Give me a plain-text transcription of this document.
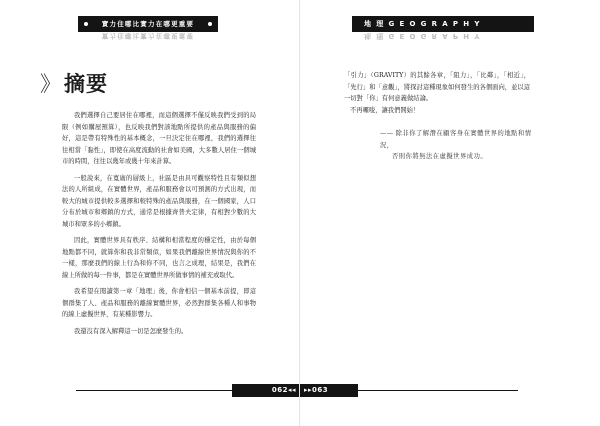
實力住哪比實力在哪更重要
實力住哪比實力在哪更重要
》摘要

我們選擇自己要居住在哪裡，而這個選擇不僅反映我們受到的局限（例如購屋預算），也反映我們對該地點所提供的產品與服務的偏好，這是帶有特殊性的基本概念，一旦決定住在哪裡，我們的選擇往往相當「黏性」，即使在高度流動的社會如美國，大多數人居住一個城市的時間，往往以幾年或幾十年來計算。

一般說來，在寬廣的層級上，社區是由具可觀察特性且有類似想法的人所組成，在實體世界，產品和服務會以可預測的方式出現，而較大的城市提供較多選擇和較特殊的產品與服務，在一個國家，人口分布於城市和鄉鎮的方式，通常是根據齊普夫定律，有相對少數的大城市和眾多的小鄉鎮。

因此，實體世界具有秩序、結構和相當程度的穩定性，由於每個地點都不同，就算你和我非常類似，如果我們離線世界情況與你的不一樣，那麼我們的線上行為和你不同，也言之成理，結果是，我們在線上所做的每一件事，都是在實體世界所做事情的補充或取代。

我希望在閱讀第一章「地理」後，你會相信一個基本前提，即這個群集了人、產品和服務的離線實體世界，必然對群集各種人和事物的線上虛擬世界，有某種影響力。

我還沒有深入解釋這一切是怎麼發生的。

062◂◂
地 理 G E O G R A P H Y
地 理 G E O G R A P H Y

「引力」（GRAVITY）的其餘各章，「阻力」，「比鄰」，「相近」，「先行」和「意觀」，將探討這種現象如何發生的各個面向，並以這一切對「你」有何意義做結論。

不再囉唆，讓我們開始！

—— 除非你了解潛在顧客身在實體世界的地點和情況，

否則你將無法在虛擬世界成功。

▸▸063
